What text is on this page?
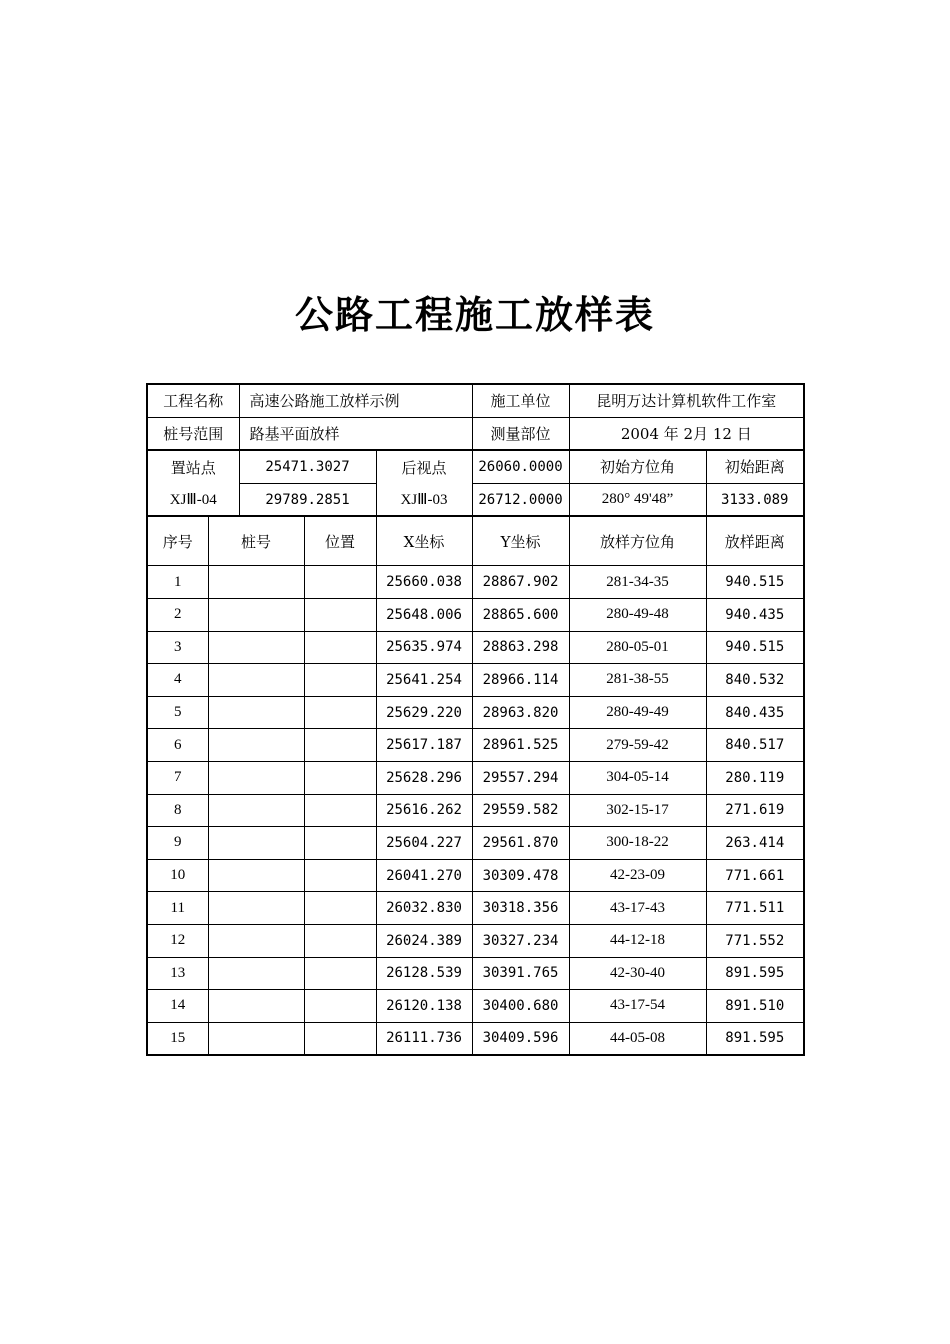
公路工程施工放样表
工程名称		高速公路施工放样示例			施工单位	昆明万达计算机软件工作室	
桩号范围		路基平面放样			测量部位	2004 年 2月 12 日	
置站点		25471.3027		后视点	26060.0000	初始方位角	初始距离
XJⅢ-04		29789.2851		XJⅢ-03	26712.0000	280° 49'48”	3133.089
序号	桩号		位置	X坐标	Y坐标	放样方位角	放样距离
1				25660.038	28867.902	281-34-35	940.515
2				25648.006	28865.600	280-49-48	940.435
3				25635.974	28863.298	280-05-01	940.515
4				25641.254	28966.114	281-38-55	840.532
5				25629.220	28963.820	280-49-49	840.435
6				25617.187	28961.525	279-59-42	840.517
7				25628.296	29557.294	304-05-14	280.119
8				25616.262	29559.582	302-15-17	271.619
9				25604.227	29561.870	300-18-22	263.414
10				26041.270	30309.478	42-23-09	771.661
11				26032.830	30318.356	43-17-43	771.511
12				26024.389	30327.234	44-12-18	771.552
13				26128.539	30391.765	42-30-40	891.595
14				26120.138	30400.680	43-17-54	891.510
15				26111.736	30409.596	44-05-08	891.595
